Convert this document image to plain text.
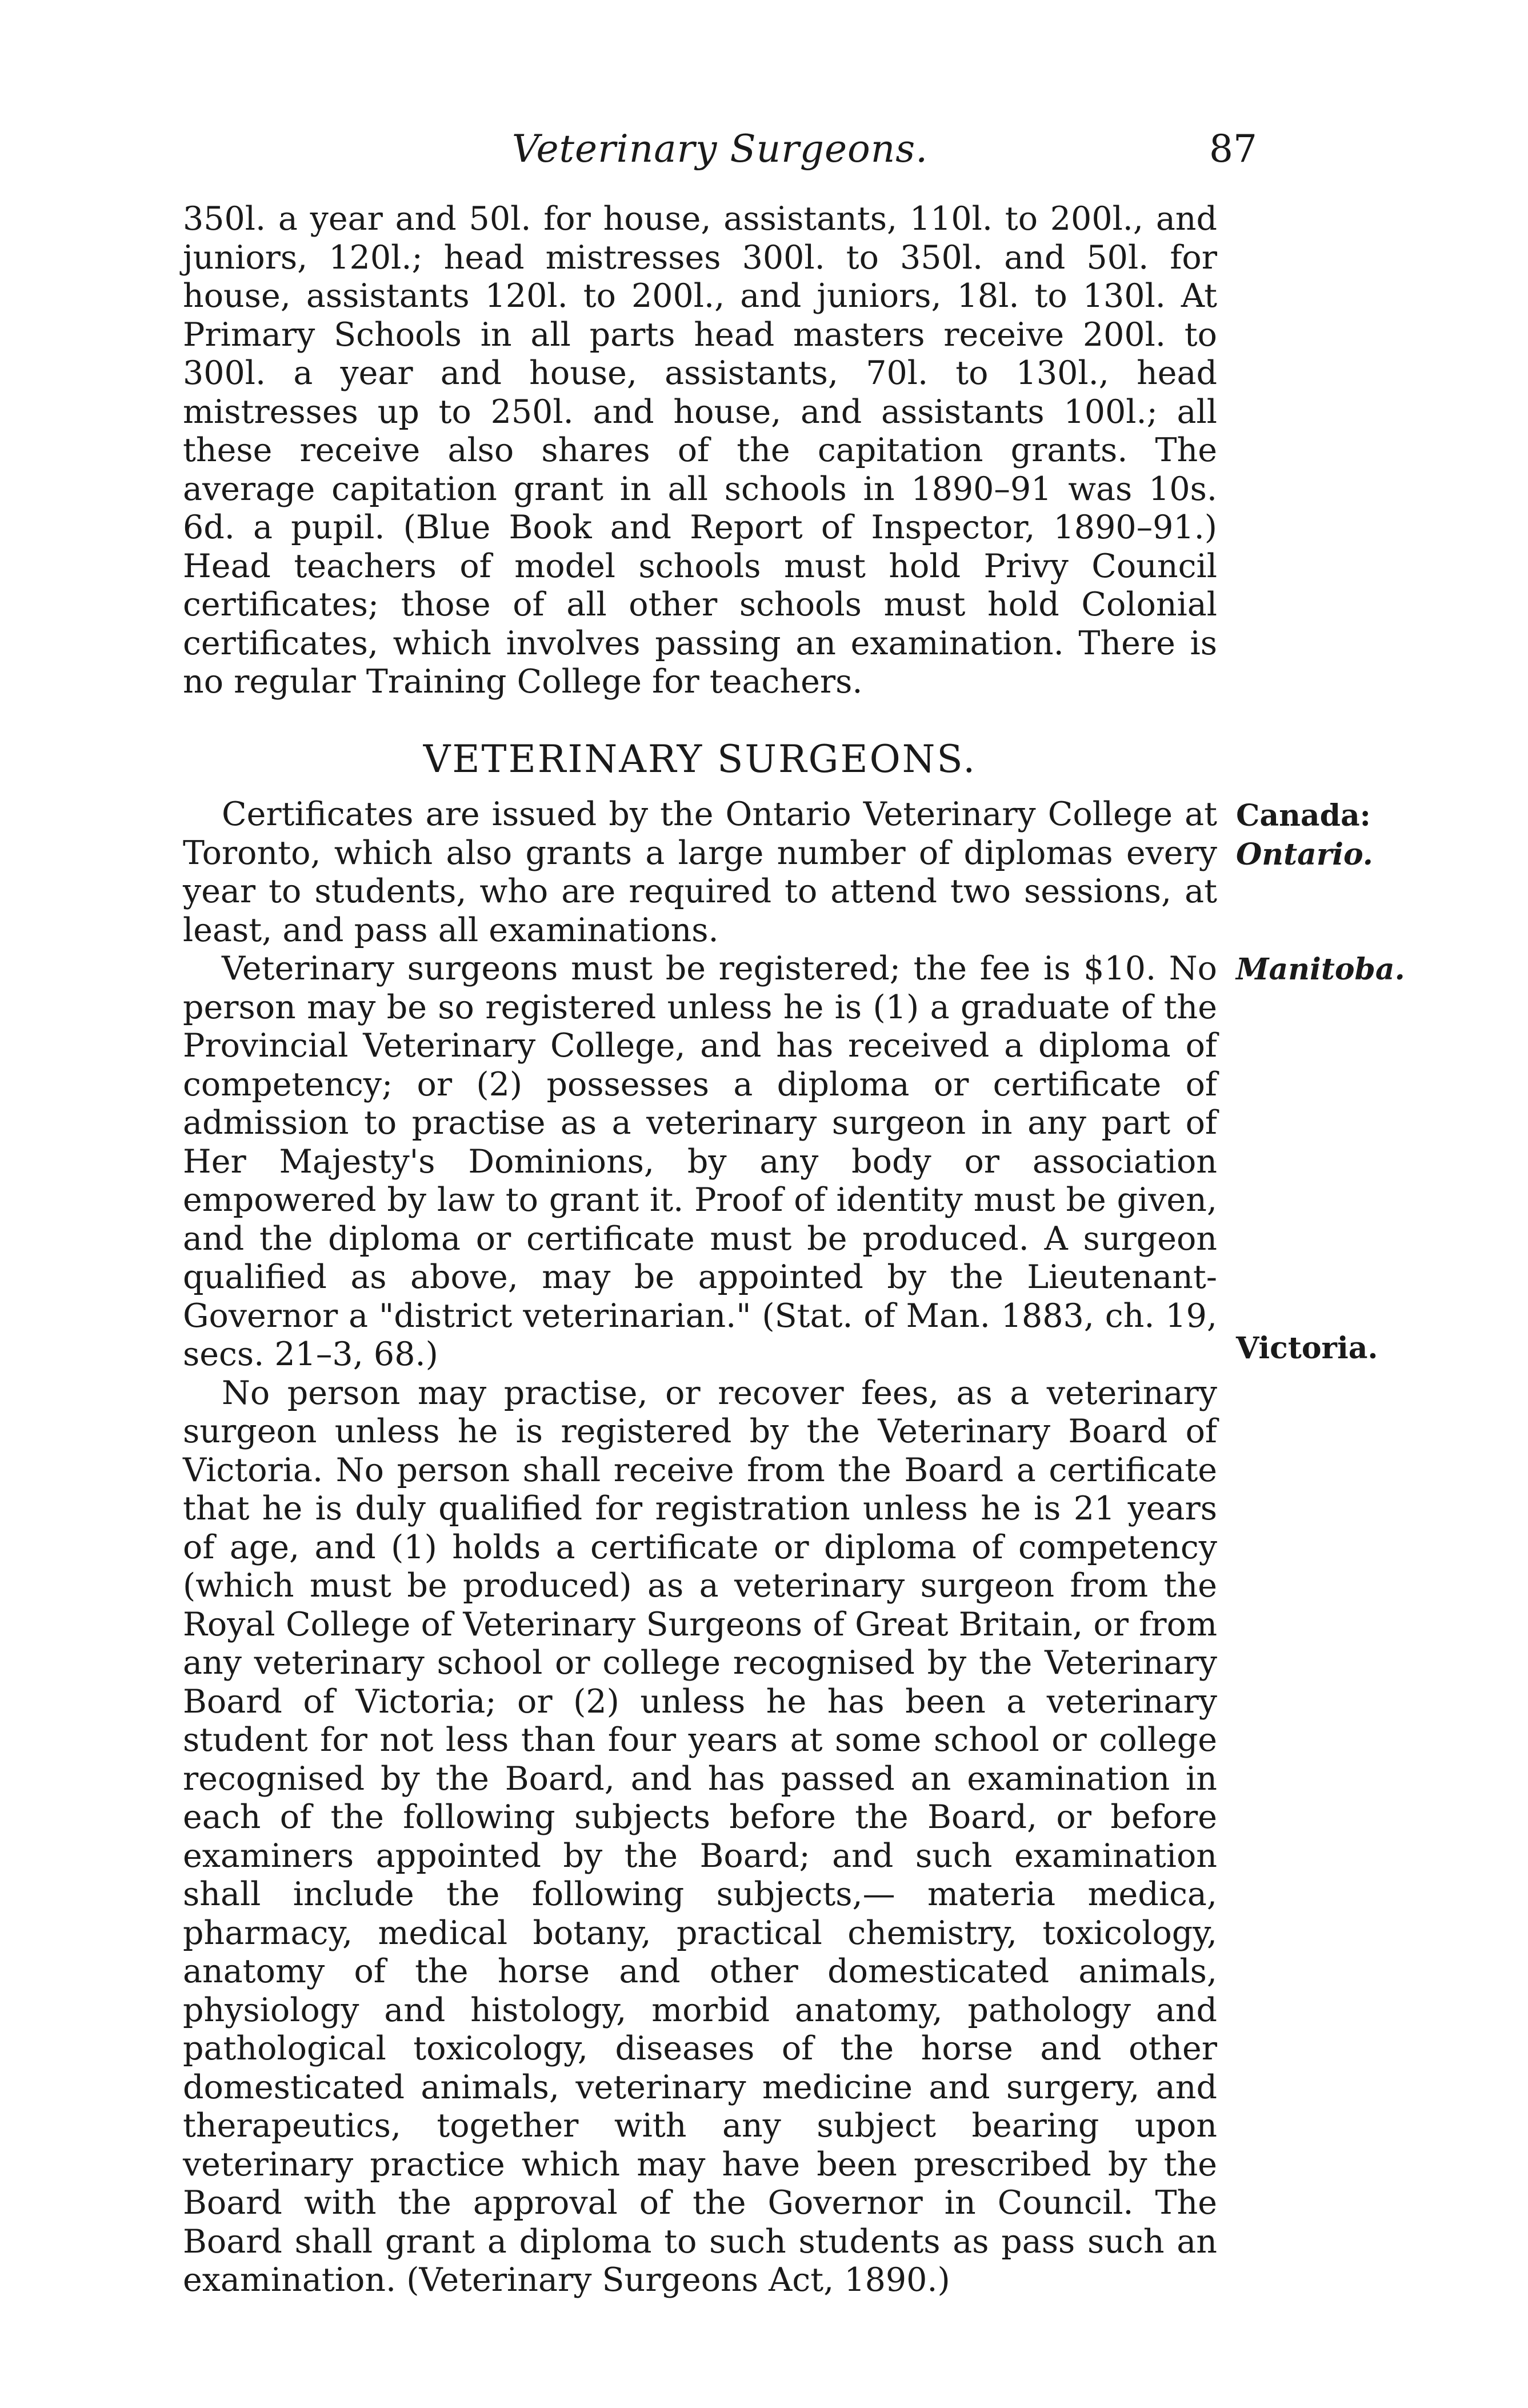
Veterinary Surgeons.	87

350l. a year and 50l. for house, assistants, 110l. to 200l., and juniors, 120l.; head mistresses 300l. to 350l. and 50l. for house, assistants 120l. to 200l., and juniors, 18l. to 130l. At Primary Schools in all parts head masters receive 200l. to 300l. a year and house, assistants, 70l. to 130l., head mistresses up to 250l. and house, and assistants 100l.; all these receive also shares of the capitation grants. The average capitation grant in all schools in 1890–91 was 10s. 6d. a pupil. (Blue Book and Report of Inspector, 1890–91.) Head teachers of model schools must hold Privy Council certificates; those of all other schools must hold Colonial certificates, which involves passing an examination. There is no regular Training College for teachers.

VETERINARY SURGEONS.

Certificates are issued by the Ontario Veterinary College at Toronto, which also grants a large number of diplomas every year to students, who are required to attend two sessions, at least, and pass all examinations.

Veterinary surgeons must be registered; the fee is $10. No person may be so registered unless he is (1) a graduate of the Provincial Veterinary College, and has received a diploma of competency; or (2) possesses a diploma or certificate of admission to practise as a veterinary surgeon in any part of Her Majesty's Dominions, by any body or association empowered by law to grant it. Proof of identity must be given, and the diploma or certificate must be produced. A surgeon qualified as above, may be appointed by the Lieutenant-Governor a "district veterinarian." (Stat. of Man. 1883, ch. 19, secs. 21–3, 68.)

No person may practise, or recover fees, as a veterinary surgeon unless he is registered by the Veterinary Board of Victoria. No person shall receive from the Board a certificate that he is duly qualified for registration unless he is 21 years of age, and (1) holds a certificate or diploma of competency (which must be produced) as a veterinary surgeon from the Royal College of Veterinary Surgeons of Great Britain, or from any veterinary school or college recognised by the Veterinary Board of Victoria; or (2) unless he has been a veterinary student for not less than four years at some school or college recognised by the Board, and has passed an examination in each of the following subjects before the Board, or before examiners appointed by the Board; and such examination shall include the following subjects,— materia medica, pharmacy, medical botany, practical chemistry, toxicology, anatomy of the horse and other domesticated animals, physiology and histology, morbid anatomy, pathology and pathological toxicology, diseases of the horse and other domesticated animals, veterinary medicine and surgery, and therapeutics, together with any subject bearing upon veterinary practice which may have been prescribed by the Board with the approval of the Governor in Council. The Board shall grant a diploma to such students as pass such an examination. (Veterinary Surgeons Act, 1890.)

Canada:
Ontario.
Manitoba.
Victoria.
